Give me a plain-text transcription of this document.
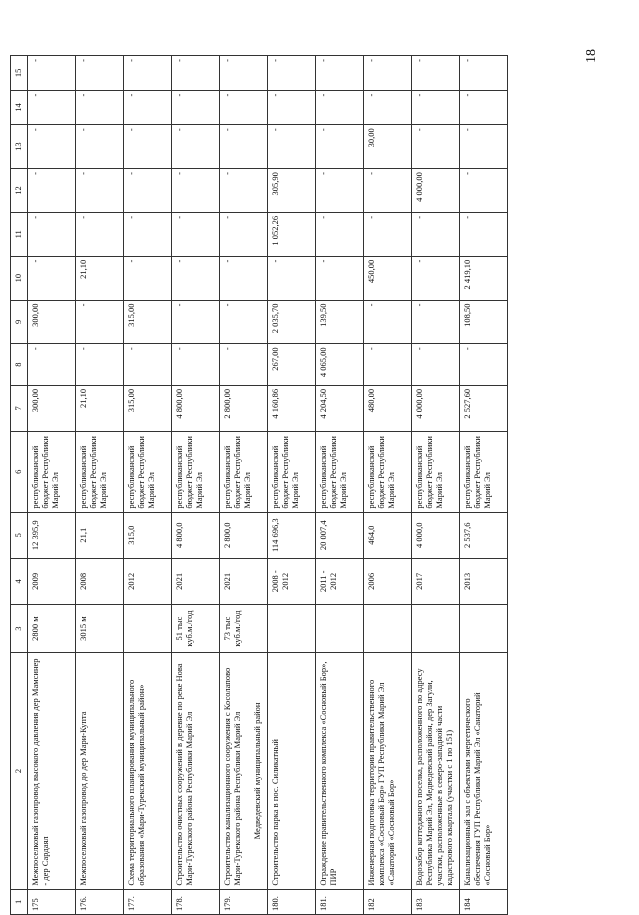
18
1	2	3	4	5	6	7	8	9	10	11	12	13	14	15
175	Межпоселковый газопровод высокого давления дер Мамсинер - дер Сардаял	2800 м	2009	12 395,9	республиканский бюджет Республики Марий Эл	300,00	-	300,00	-	-	-	-	-	-
176.	Межпоселковый газопровод до дер Мари-Купта	3015 м	2008	21,1	республиканский бюджет Республики Марий Эл	21,10	-	-	21,10	-	-	-	-	-
177.	Схема территориального планирования муниципального образования «Мари-Турекский муниципальный район»		2012	315,0	республиканский бюджет Республики Марий Эл	315,00	-	315,00	-	-	-	-	-	-
178.	Строительство очистных сооружений в деревне по реке Нова Мари-Турекского района Республики Марий Эл	51 тыс куб.м./год	2021	4 800,0	республиканский бюджет Республики Марий Эл	4 800,00	-	-	-	-	-	-	-	-
179.	Строительство канализационного сооружения с Косолапово Мари-Турекского района Республики Марий Эл Медведевский муниципальный район	73 тыс куб.м./год	2021	2 800,0	республиканский бюджет Республики Марий Эл	2 800,00	-	-	-	-	-	-	-	-
180.	Строительство парка в пос. Силикатный		2008 - 2012	114 696,3	республиканский бюджет Республики Марий Эл	4 160,86	267,00	2 035,70	-	1 052,26	305,90	-	-	-
181.	Ограждение правительственного комплекса «Сосновый Бор», ПИР		2011 - 2012	20 007,4	республиканский бюджет Республики Марий Эл	4 204,50	4 065,00	139,50	-	-	-	-	-	-
182	Инженерная подготовка территории правительственного комплекса «Сосновый Бор» ГУП Республики Марий Эл «Санаторий «Сосновый Бор»		2006	464,0	республиканский бюджет Республики Марий Эл	480,00	-	-	450,00	-	-	30,00	-	-
183	Водозабор коттеджного поселка, расположенного по адресу Республика Марий Эл, Медведевский район, дер Загули, участки, расположенные в северо-западной части кадастрового квартала (участки с 1 по 151)		2017	4 000,0	республиканский бюджет Республики Марий Эл	4 000,00	-	-	-	-	4 000,00	-	-	-
184	Канализационный зал с объектами энергетического обеспечения ГУП Республики Марий Эл «Санаторий «Сосновый Бор»		2013	2 537,6	республиканский бюджет Республики Марий Эл	2 527,60	-	108,50	2 419,10	-	-	-	-	-
